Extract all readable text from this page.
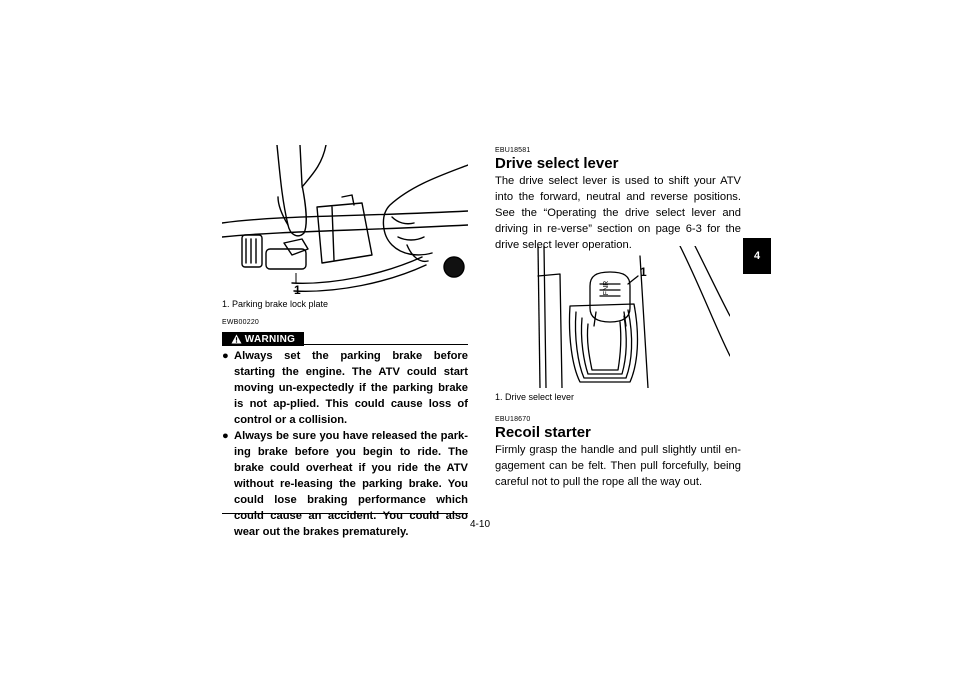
1
1. Parking brake lock plate
EWB00220
WARNING
● Always set the parking brake before starting the engine. The ATV could start moving un-expectedly if the parking brake is not ap-plied. This could cause loss of control or a collision.
● Always be sure you have released the park-ing brake before you begin to ride. The brake could overheat if you ride the ATV without re-leasing the parking brake. You could lose braking performance which could cause an accident. You could also wear out the brakes prematurely.
EBU18581
Drive select lever
The drive select lever is used to shift your ATV into the forward, neutral and reverse positions. See the “Operating the drive select lever and driving in re-verse” section on page 6-3 for the drive select lever operation.
FNR
1
1. Drive select lever
EBU18670
Recoil starter
Firmly grasp the handle and pull slightly until en-gagement can be felt. Then pull forcefully, being careful not to pull the rope all the way out.
4-10
4
